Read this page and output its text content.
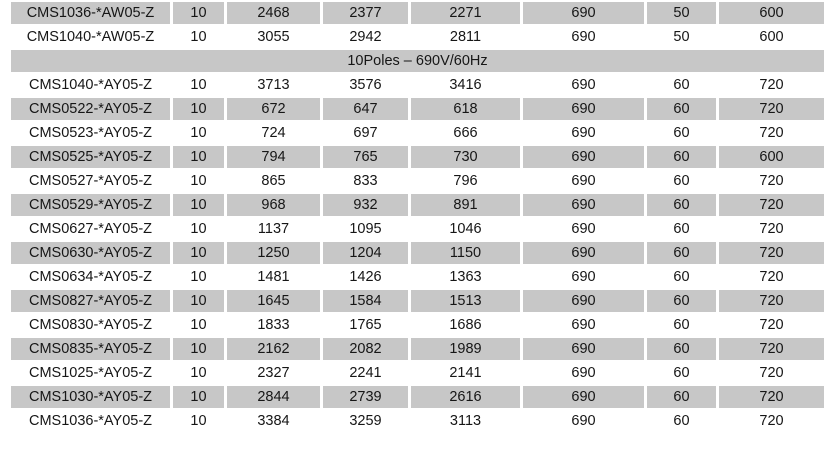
CMS1036-*AW05-Z	10	2468	2377	2271	690	50	600
CMS1040-*AW05-Z	10	3055	2942	2811	690	50	600
10Poles – 690V/60Hz							
CMS1040-*AY05-Z	10	3713	3576	3416	690	60	720
CMS0522-*AY05-Z	10	672	647	618	690	60	720
CMS0523-*AY05-Z	10	724	697	666	690	60	720
CMS0525-*AY05-Z	10	794	765	730	690	60	600
CMS0527-*AY05-Z	10	865	833	796	690	60	720
CMS0529-*AY05-Z	10	968	932	891	690	60	720
CMS0627-*AY05-Z	10	1137	1095	1046	690	60	720
CMS0630-*AY05-Z	10	1250	1204	1150	690	60	720
CMS0634-*AY05-Z	10	1481	1426	1363	690	60	720
CMS0827-*AY05-Z	10	1645	1584	1513	690	60	720
CMS0830-*AY05-Z	10	1833	1765	1686	690	60	720
CMS0835-*AY05-Z	10	2162	2082	1989	690	60	720
CMS1025-*AY05-Z	10	2327	2241	2141	690	60	720
CMS1030-*AY05-Z	10	2844	2739	2616	690	60	720
CMS1036-*AY05-Z	10	3384	3259	3113	690	60	720
